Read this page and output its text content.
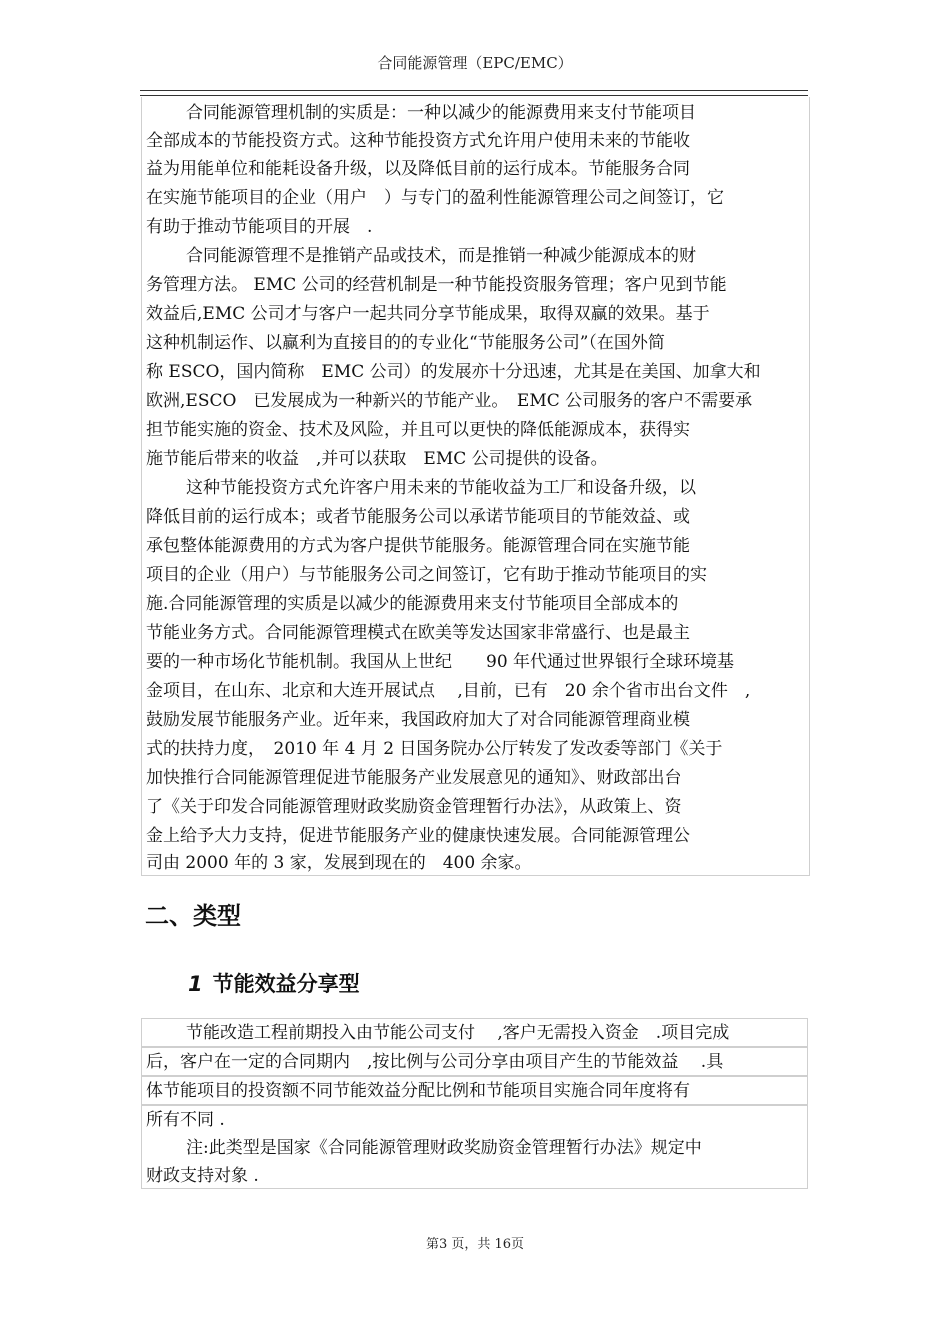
合同能源管理（EPC/EMC）
合同能源管理机制的实质是：一种以减少的能源费用来支付节能项目
全部成本的节能投资方式。这种节能投资方式允许用户使用未来的节能收
益为用能单位和能耗设备升级，以及降低目前的运行成本。节能服务合同
在实施节能项目的企业（用户　）与专门的盈利性能源管理公司之间签订，它
有助于推动节能项目的开展　.
合同能源管理不是推销产品或技术，而是推销一种减少能源成本的财
务管理方法。 EMC 公司的经营机制是一种节能投资服务管理；客户见到节能
效益后,EMC 公司才与客户一起共同分享节能成果，取得双赢的效果。基于
这种机制运作、以赢利为直接目的的专业化“节能服务公司”（在国外简
称 ESCO，国内简称　EMC 公司）的发展亦十分迅速，尤其是在美国、加拿大和
欧洲,ESCO　已发展成为一种新兴的节能产业。　EMC 公司服务的客户不需要承
担节能实施的资金、技术及风险，并且可以更快的降低能源成本，获得实
施节能后带来的收益　,并可以获取　EMC 公司提供的设备。
这种节能投资方式允许客户用未来的节能收益为工厂和设备升级，以
降低目前的运行成本；或者节能服务公司以承诺节能项目的节能效益、或
承包整体能源费用的方式为客户提供节能服务。能源管理合同在实施节能
项目的企业（用户）与节能服务公司之间签订，它有助于推动节能项目的实
施.合同能源管理的实质是以减少的能源费用来支付节能项目全部成本的
节能业务方式。合同能源管理模式在欧美等发达国家非常盛行、也是最主
要的一种市场化节能机制。我国从上世纪　　90 年代通过世界银行全球环境基
金项目，在山东、北京和大连开展试点　 ,目前，已有　20 余个省市出台文件　,
鼓励发展节能服务产业。近年来，我国政府加大了对合同能源管理商业模
式的扶持力度，　2010 年 4 月 2 日国务院办公厅转发了发改委等部门《关于
加快推行合同能源管理促进节能服务产业发展意见的通知》、财政部出台
了《关于印发合同能源管理财政奖励资金管理暂行办法》，从政策上、资
金上给予大力支持，促进节能服务产业的健康快速发展。合同能源管理公
司由 2000 年的 3 家，发展到现在的　400 余家。
二、类型
1 节能效益分享型
节能改造工程前期投入由节能公司支付　 ,客户无需投入资金　.项目完成
后，客户在一定的合同期内　,按比例与公司分享由项目产生的节能效益　 .具
体节能项目的投资额不同节能效益分配比例和节能项目实施合同年度将有
所有不同 .
注:此类型是国家《合同能源管理财政奖励资金管理暂行办法》规定中
财政支持对象 .
第3 页，共 16页
